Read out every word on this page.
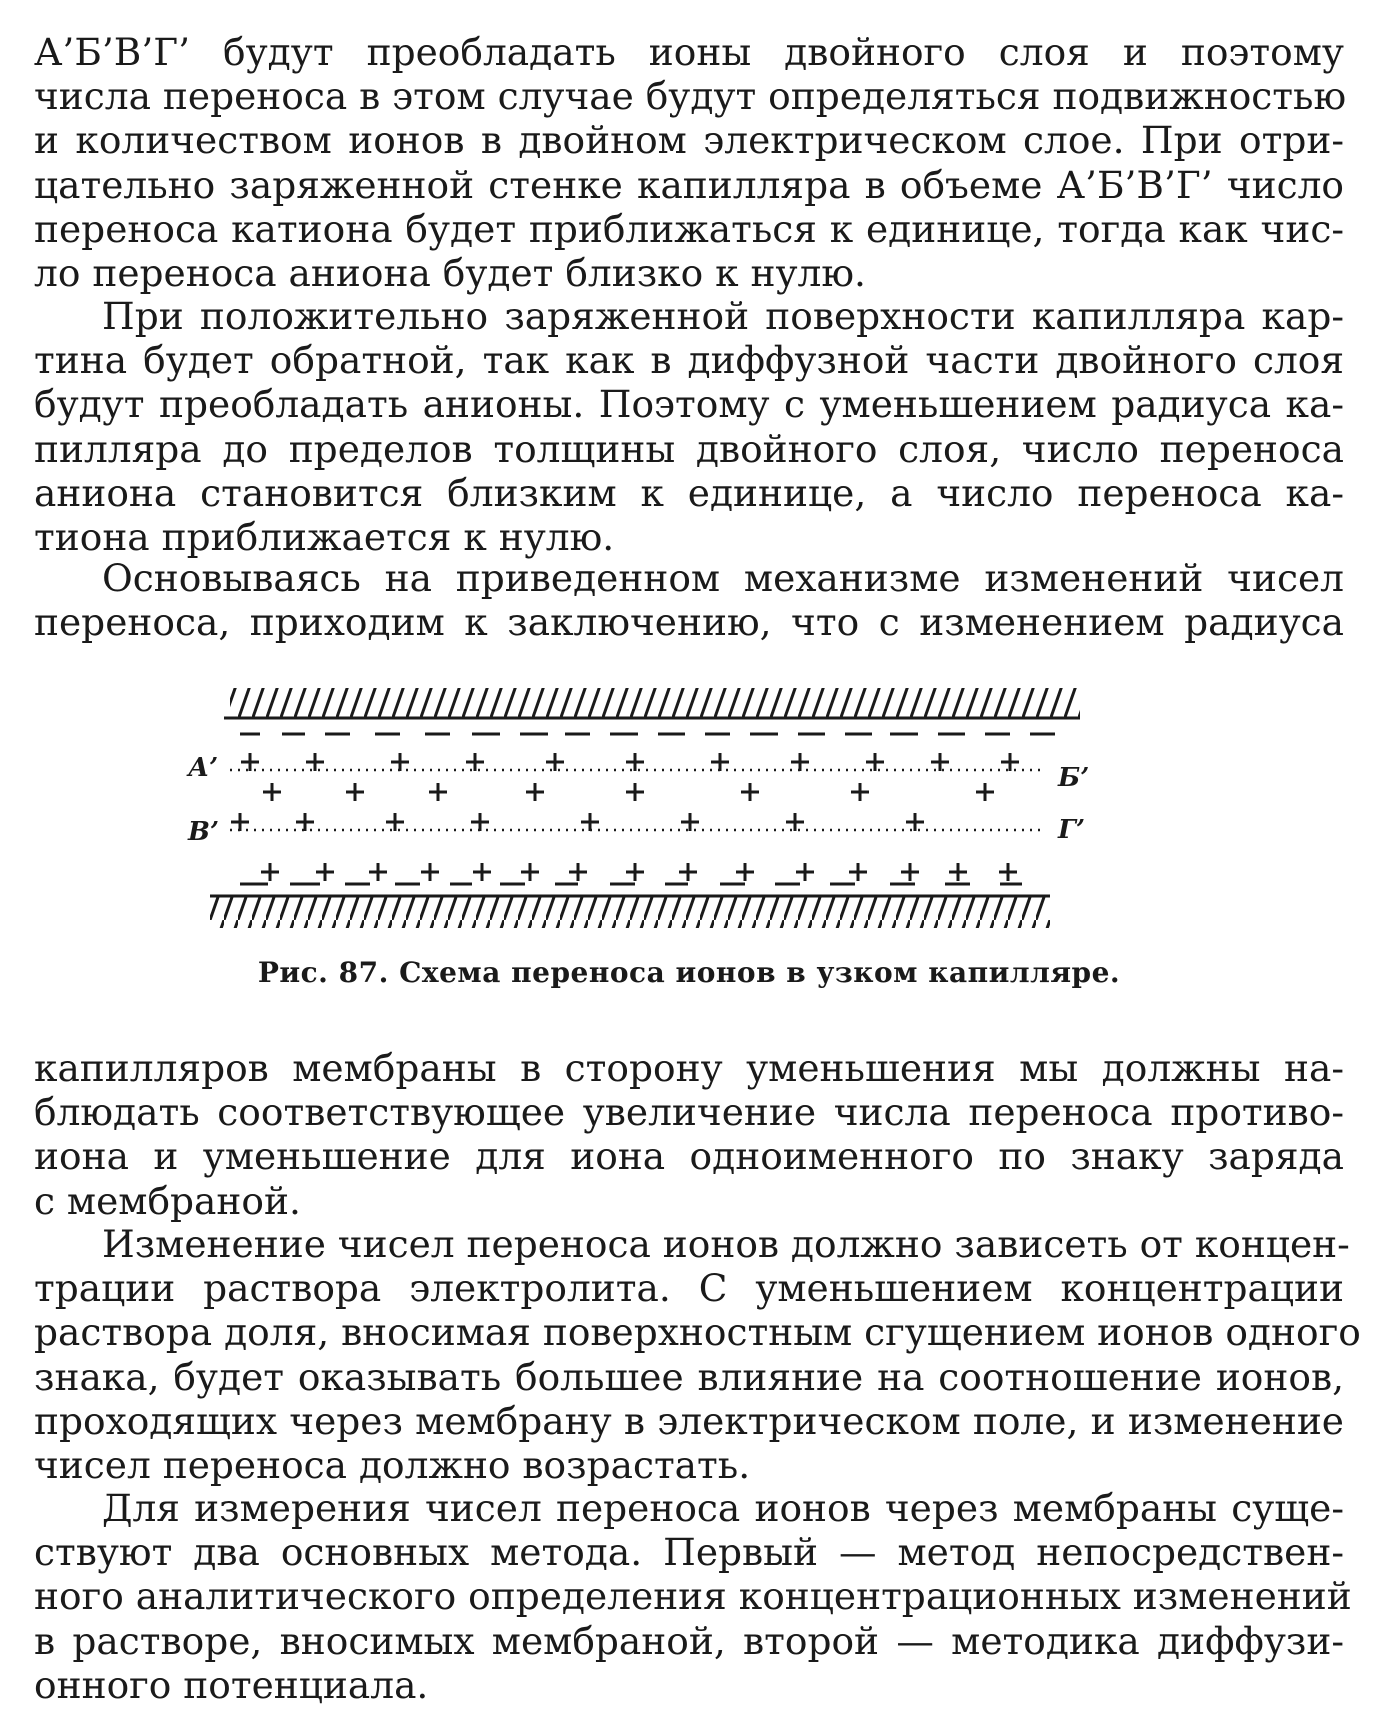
А’Б’В’Г’ будут преобладать ионы двойного слоя и поэтому
числа переноса в этом случае будут определяться подвижностью
и количеством ионов в двойном электрическом слое. При отри-
цательно заряженной стенке капилляра в объеме А’Б’В’Г’ число
переноса катиона будет приближаться к единице, тогда как чис-
ло переноса аниона будет близко к нулю.
При положительно заряженной поверхности капилляра кар-
тина будет обратной, так как в диффузной части двойного слоя
будут преобладать анионы. Поэтому с уменьшением радиуса ка-
пилляра до пределов толщины двойного слоя, число переноса
аниона становится близким к единице, а число переноса ка-
тиона приближается к нулю.
Основываясь на приведенном механизме изменений чисел
переноса, приходим к заключению, что с изменением радиуса
А’	Б’
В’	Г’
Рис. 87. Схема переноса ионов в узком капилляре.
капилляров мембраны в сторону уменьшения мы должны на-
блюдать соответствующее увеличение числа переноса противо-
иона и уменьшение для иона одноименного по знаку заряда
с мембраной.
Изменение чисел переноса ионов должно зависеть от концен-
трации раствора электролита. С уменьшением концентрации
раствора доля, вносимая поверхностным сгущением ионов одного
знака, будет оказывать большее влияние на соотношение ионов,
проходящих через мембрану в электрическом поле, и изменение
чисел переноса должно возрастать.
Для измерения чисел переноса ионов через мембраны суще-
ствуют два основных метода. Первый — метод непосредствен-
ного аналитического определения концентрационных изменений
в растворе, вносимых мембраной, второй — методика диффузи-
онного потенциала.
